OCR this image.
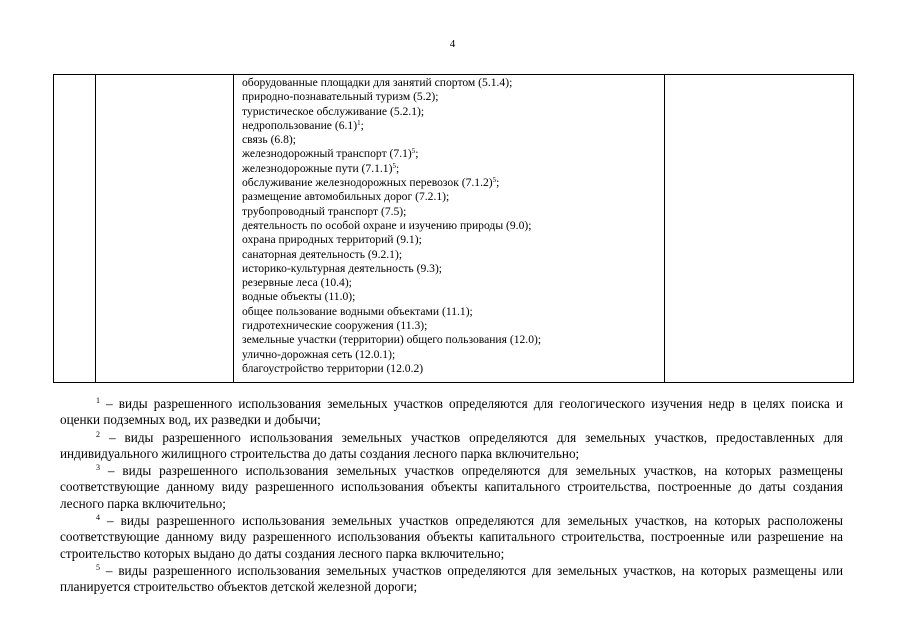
4

оборудованные площадки для занятий спортом (5.1.4);
природно-познавательный туризм (5.2);
туристическое обслуживание (5.2.1);
недропользование $(6.1)^1$;
связь (6.8);
железнодорожный транспорт $(7.1)^5$;
железнодорожные пути $(7.1.1)^5$;
обслуживание железнодорожных перевозок $(7.1.2)^5$;
размещение автомобильных дорог (7.2.1);
трубопроводный транспорт (7.5);
деятельность по особой охране и изучению природы (9.0);
охрана природных территорий (9.1);
санаторная деятельность (9.2.1);
историко-культурная деятельность (9.3);
резервные леса (10.4);
водные объекты (11.0);
общее пользование водными объектами (11.1);
гидротехнические сооружения (11.3);
земельные участки (территории) общего пользования (12.0);
улично-дорожная сеть (12.0.1);
благоустройство территории (12.0.2)

$^1$ – виды разрешенного использования земельных участков определяются для геологического изучения недр в целях поиска и оценки подземных вод, их разведки и добычи;

$^2$ – виды разрешенного использования земельных участков определяются для земельных участков, предоставленных для индивидуального жилищного строительства до даты создания лесного парка включительно;

$^3$ – виды разрешенного использования земельных участков определяются для земельных участков, на которых размещены соответствующие данному виду разрешенного использования объекты капитального строительства, построенные до даты создания лесного парка включительно;

$^4$ – виды разрешенного использования земельных участков определяются для земельных участков, на которых расположены соответствующие данному виду разрешенного использования объекты капитального строительства, построенные или разрешение на строительство которых выдано до даты создания лесного парка включительно;

$^5$ – виды разрешенного использования земельных участков определяются для земельных участков, на которых размещены или планируется строительство объектов детской железной дороги;
